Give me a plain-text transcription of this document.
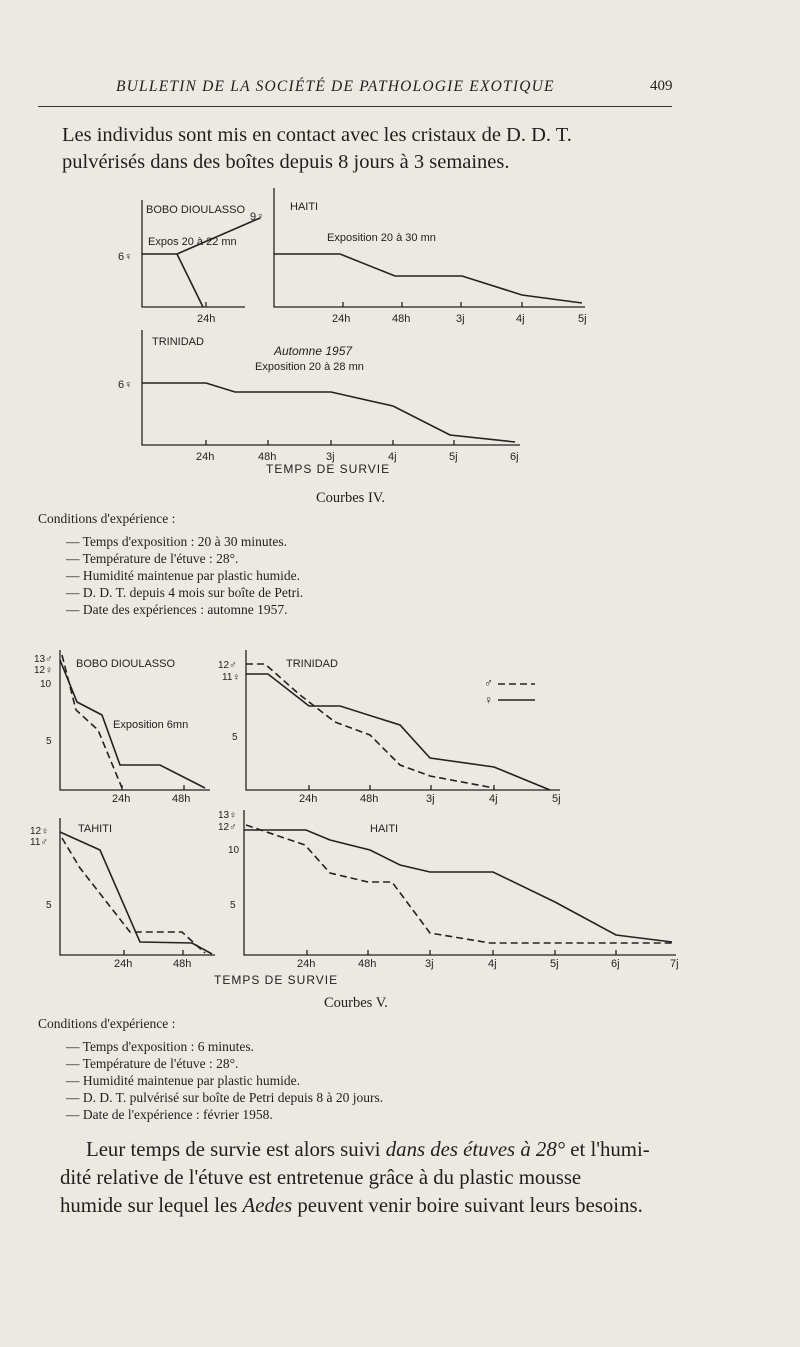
BULLETIN DE LA SOCIÉTÉ DE PATHOLOGIE EXOTIQUE	409
Les individus sont mis en contact avec les cristaux de D. D. T.
pulvérisés dans des boîtes depuis 8 jours à 3 semaines.
BOBO DIOULASSO
9♀
Expos 20 à 22 mn
6♀
24h
HAITI
Exposition 20 à 30 mn
24h	48h	3j	4j	5j
TRINIDAD
Automne 1957
Exposition 20 à 28 mn
6♀
24h	48h	3j	4j	5j	6j
TEMPS DE SURVIE
Courbes IV.
Conditions d'expérience :
— Temps d'exposition : 20 à 30 minutes.
— Température de l'étuve : 28°.
— Humidité maintenue par plastic humide.
— D. D. T. depuis 4 mois sur boîte de Petri.
— Date des expériences : automne 1957.
13♂
12♀
10
5
BOBO DIOULASSO
Exposition 6mn
24h	48h
12♂
11♀
5
TRINIDAD
♂
♀
24h	48h	3j	4j	5j
12♀
11♂
5
TAHITI
24h	48h
13♀
12♂
10
5
HAITI
24h	48h	3j	4j	5j	6j	7j
TEMPS DE SURVIE
Courbes V.
Conditions d'expérience :
— Temps d'exposition : 6 minutes.
— Température de l'étuve : 28°.
— Humidité maintenue par plastic humide.
— D. D. T. pulvérisé sur boîte de Petri depuis 8 à 20 jours.
— Date de l'expérience : février 1958.
Leur temps de survie est alors suivi dans des étuves à 28° et l'humi-
dité relative de l'étuve est entretenue grâce à du plastic mousse
humide sur lequel les Aedes peuvent venir boire suivant leurs besoins.
